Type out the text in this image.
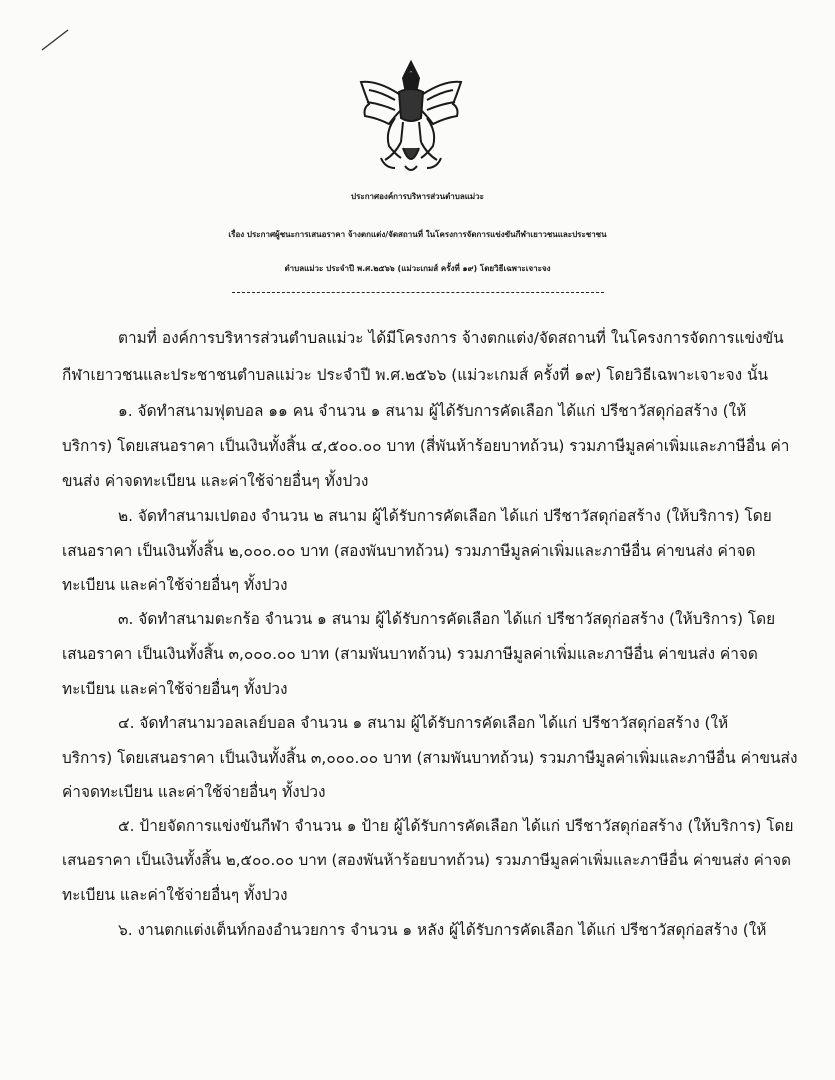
ประกาศองค์การบริหารส่วนตำบลแม่วะ

เรื่อง ประกาศผู้ชนะการเสนอราคา จ้างตกแต่ง/จัดสถานที่ ในโครงการจัดการแข่งขันกีฬาเยาวชนและประชาชน

ตำบลแม่วะ ประจำปี พ.ศ.๒๕๖๖ (แม่วะเกมส์ ครั้งที่ ๑๙) โดยวิธีเฉพาะเจาะจง

ตามที่ องค์การบริหารส่วนตำบลแม่วะ ได้มีโครงการ จ้างตกแต่ง/จัดสถานที่ ในโครงการจัดการแข่งขัน

กีฬาเยาวชนและประชาชนตำบลแม่วะ ประจำปี พ.ศ.๒๕๖๖ (แม่วะเกมส์ ครั้งที่ ๑๙) โดยวิธีเฉพาะเจาะจง นั้น

๑. จัดทำสนามฟุตบอล ๑๑ คน จำนวน ๑ สนาม ผู้ได้รับการคัดเลือก ได้แก่ ปรีชาวัสดุก่อสร้าง (ให้

บริการ) โดยเสนอราคา เป็นเงินทั้งสิ้น ๔,๕๐๐.๐๐ บาท (สี่พันห้าร้อยบาทถ้วน) รวมภาษีมูลค่าเพิ่มและภาษีอื่น ค่า

ขนส่ง ค่าจดทะเบียน และค่าใช้จ่ายอื่นๆ ทั้งปวง

๒. จัดทำสนามเปตอง จำนวน ๒ สนาม ผู้ได้รับการคัดเลือก ได้แก่ ปรีชาวัสดุก่อสร้าง (ให้บริการ) โดย

เสนอราคา เป็นเงินทั้งสิ้น ๒,๐๐๐.๐๐ บาท (สองพันบาทถ้วน) รวมภาษีมูลค่าเพิ่มและภาษีอื่น ค่าขนส่ง ค่าจด

ทะเบียน และค่าใช้จ่ายอื่นๆ ทั้งปวง

๓. จัดทำสนามตะกร้อ จำนวน ๑ สนาม ผู้ได้รับการคัดเลือก ได้แก่ ปรีชาวัสดุก่อสร้าง (ให้บริการ) โดย

เสนอราคา เป็นเงินทั้งสิ้น ๓,๐๐๐.๐๐ บาท (สามพันบาทถ้วน) รวมภาษีมูลค่าเพิ่มและภาษีอื่น ค่าขนส่ง ค่าจด

ทะเบียน และค่าใช้จ่ายอื่นๆ ทั้งปวง

๔. จัดทำสนามวอลเลย์บอล จำนวน ๑ สนาม ผู้ได้รับการคัดเลือก ได้แก่ ปรีชาวัสดุก่อสร้าง (ให้

บริการ) โดยเสนอราคา เป็นเงินทั้งสิ้น ๓,๐๐๐.๐๐ บาท (สามพันบาทถ้วน) รวมภาษีมูลค่าเพิ่มและภาษีอื่น ค่าขนส่ง

ค่าจดทะเบียน และค่าใช้จ่ายอื่นๆ ทั้งปวง

๕. ป้ายจัดการแข่งขันกีฬา จำนวน ๑ ป้าย ผู้ได้รับการคัดเลือก ได้แก่ ปรีชาวัสดุก่อสร้าง (ให้บริการ) โดย

เสนอราคา เป็นเงินทั้งสิ้น ๒,๕๐๐.๐๐ บาท (สองพันห้าร้อยบาทถ้วน) รวมภาษีมูลค่าเพิ่มและภาษีอื่น ค่าขนส่ง ค่าจด

ทะเบียน และค่าใช้จ่ายอื่นๆ ทั้งปวง

๖. งานตกแต่งเต็นท์กองอำนวยการ จำนวน ๑ หลัง ผู้ได้รับการคัดเลือก ได้แก่ ปรีชาวัสดุก่อสร้าง (ให้
